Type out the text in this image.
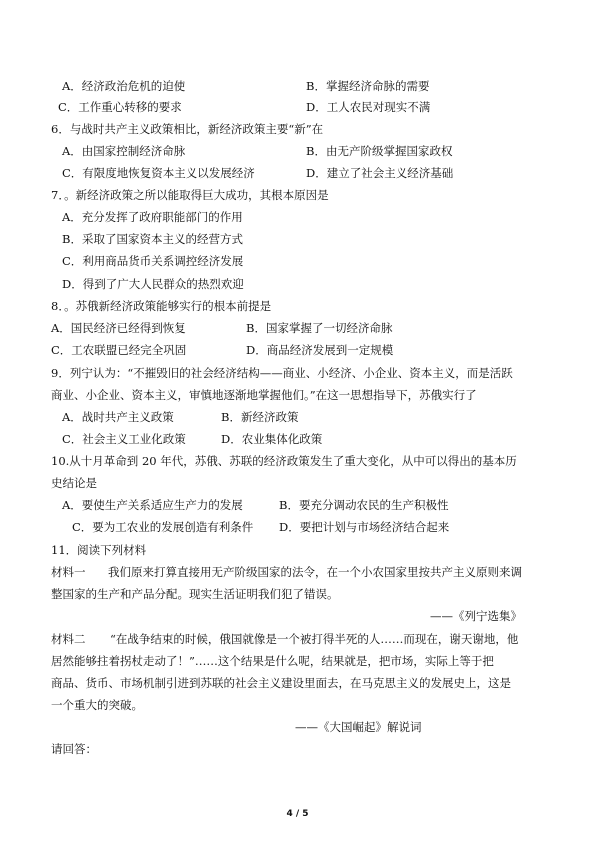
A．经济政治危机的迫使	B．掌握经济命脉的需要
C．工作重心转移的要求	D．工人农民对现实不满
6．与战时共产主义政策相比，新经济政策主要“新”在
A．由国家控制经济命脉	B．由无产阶级掌握国家政权
C．有限度地恢复资本主义以发展经济	D．建立了社会主义经济基础
7．。新经济政策之所以能取得巨大成功，其根本原因是
A．充分发挥了政府职能部门的作用
B．采取了国家资本主义的经营方式
C．利用商品货币关系调控经济发展
D．得到了广大人民群众的热烈欢迎
8．。苏俄新经济政策能够实行的根本前提是
A．国民经济已经得到恢复	B．国家掌握了一切经济命脉
C．工农联盟已经完全巩固	D．商品经济发展到一定规模
9．列宁认为：“不摧毁旧的社会经济结构——商业、小经济、小企业、资本主义，而是活跃
商业、小企业、资本主义，审慎地逐渐地掌握他们。”在这一思想指导下，苏俄实行了
A．战时共产主义政策	B．新经济政策
C．社会主义工业化政策	D．农业集体化政策
10.从十月革命到 20 年代，苏俄、苏联的经济政策发生了重大变化，从中可以得出的基本历
史结论是
A．要使生产关系适应生产力的发展	B．要充分调动农民的生产积极性
C．要为工农业的发展创造有利条件 D．要把计划与市场经济结合起来
11．阅读下列材料
材料一 我们原来打算直接用无产阶级国家的法令，在一个小农国家里按共产主义原则来调
整国家的生产和产品分配。现实生活证明我们犯了错误。
——《列宁选集》
材料二 “在战争结束的时候，俄国就像是一个被打得半死的人……而现在，谢天谢地，他
居然能够拄着拐杖走动了！”……这个结果是什么呢，结果就是，把市场，实际上等于把
商品、货币、市场机制引进到苏联的社会主义建设里面去，在马克思主义的发展史上，这是
一个重大的突破。
——《大国崛起》解说词
请回答：
4 / 5
